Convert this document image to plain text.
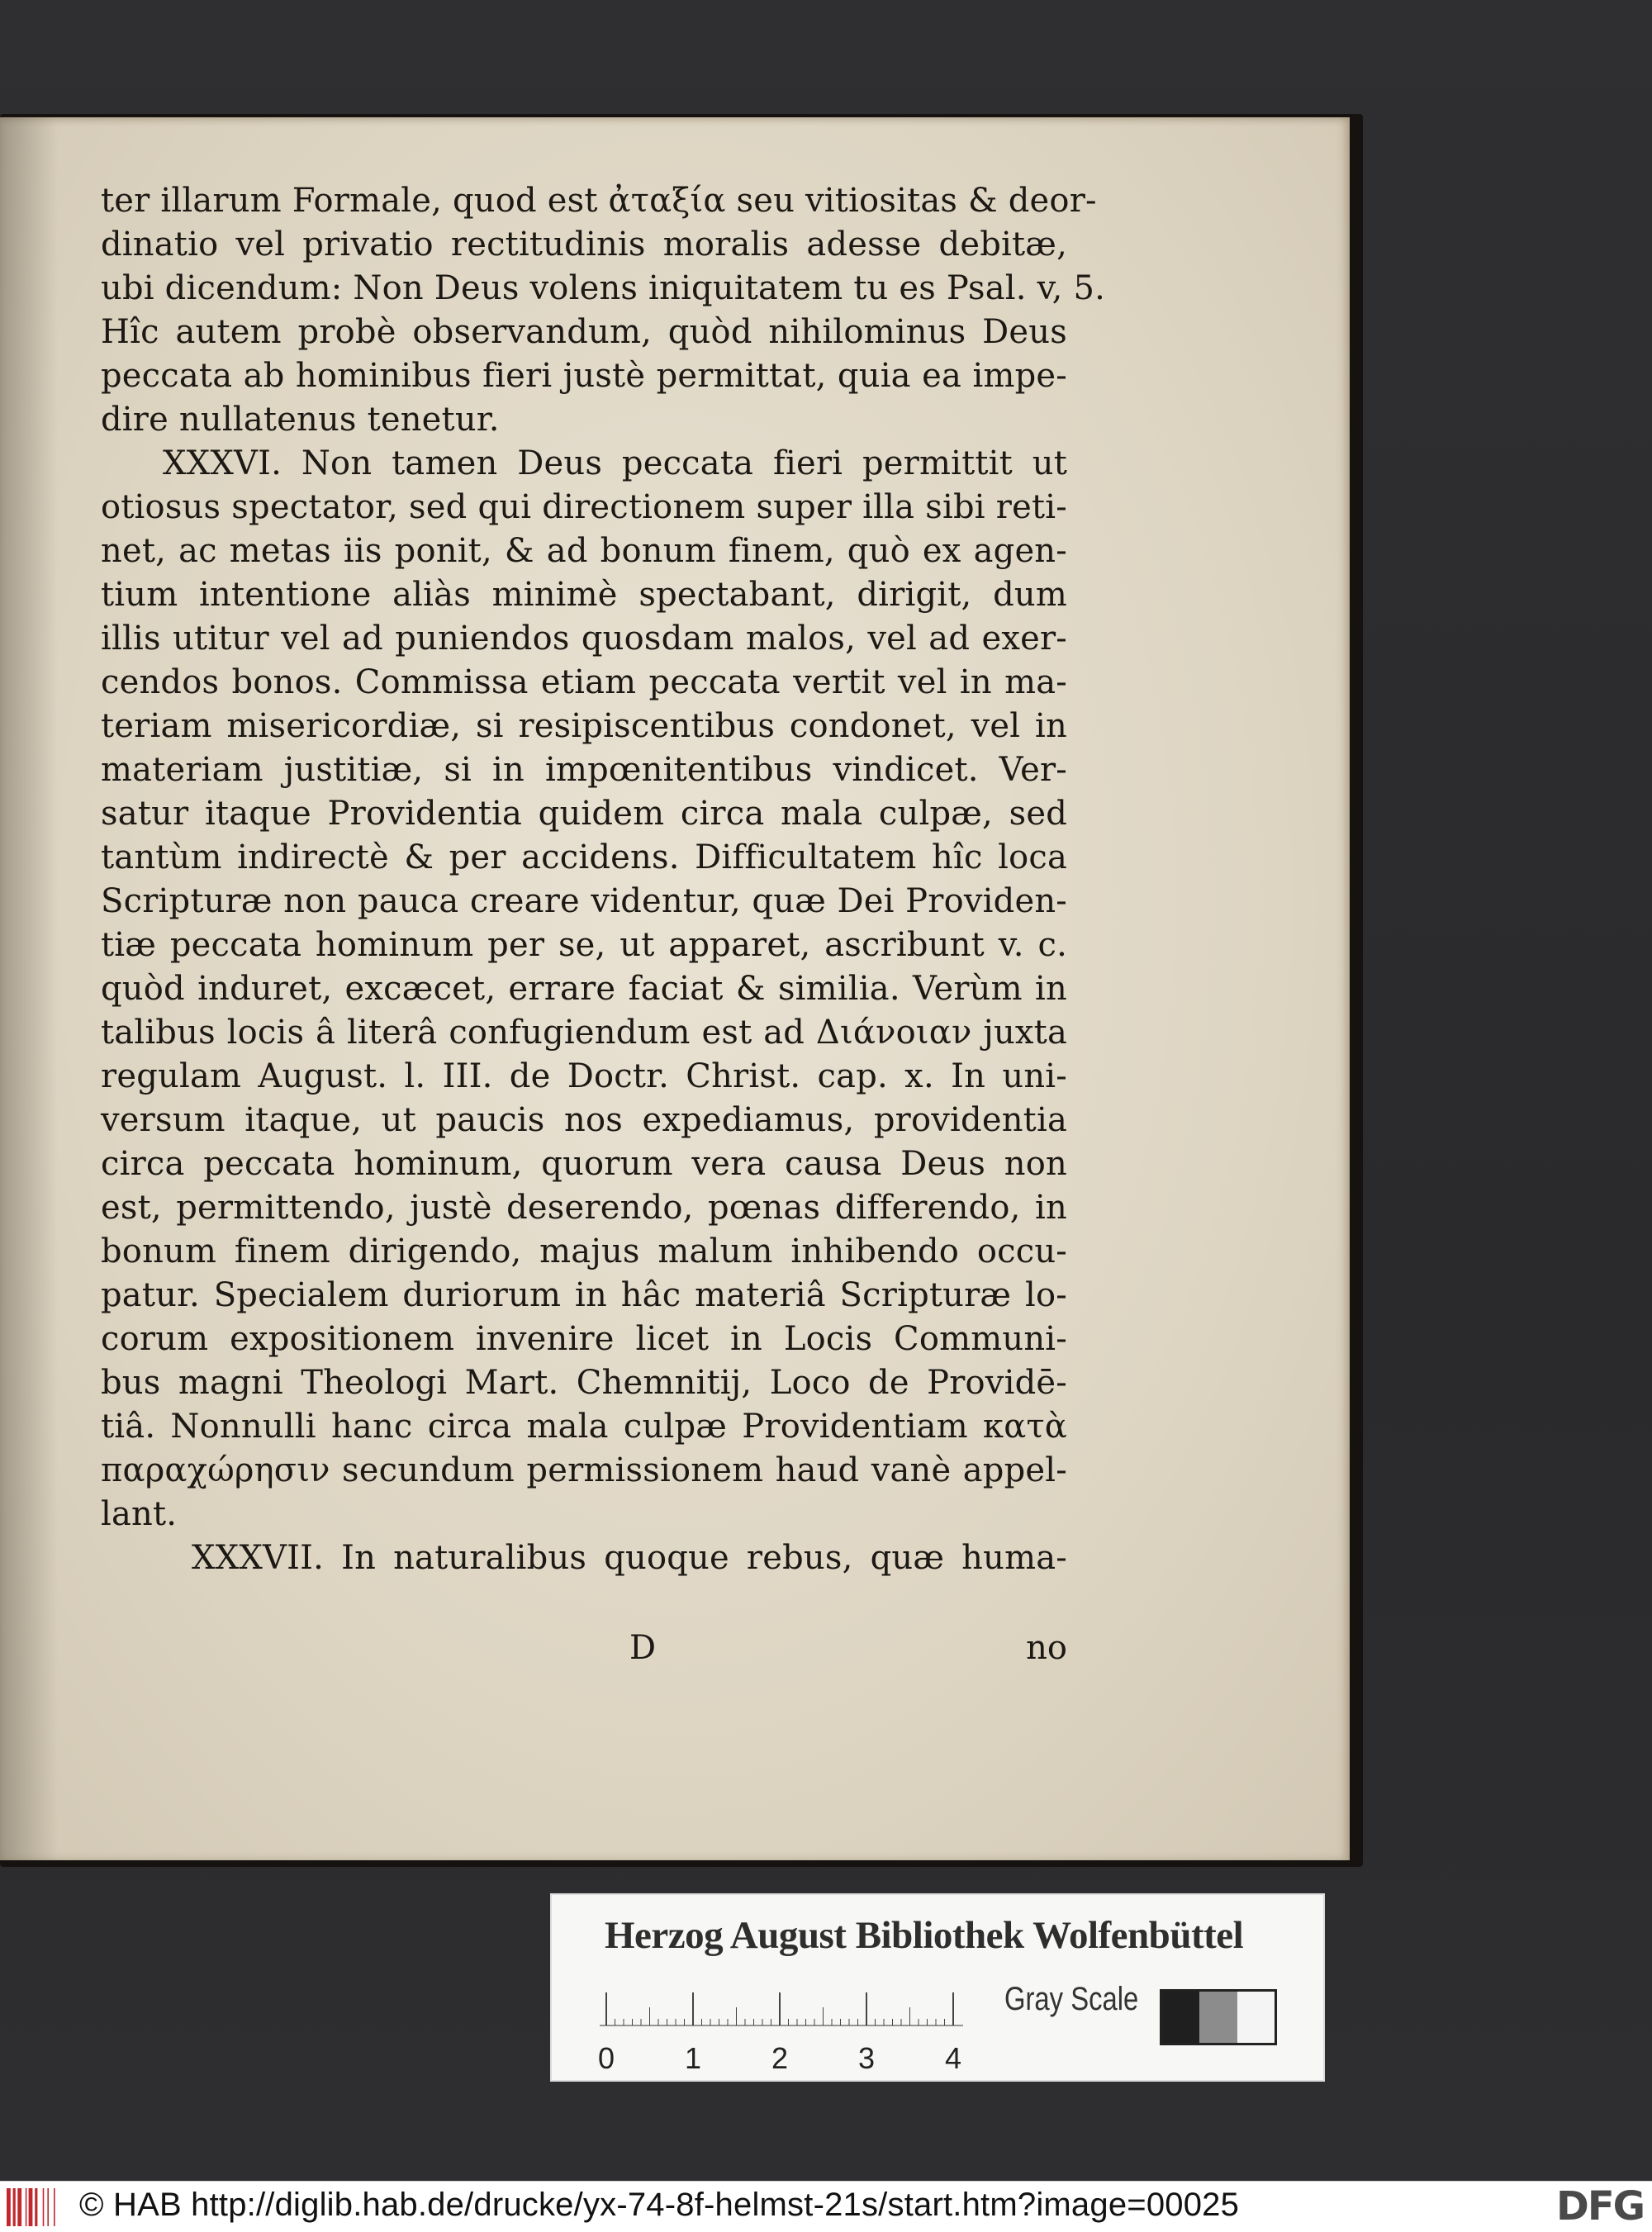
ter illarum Formale, quod est ἀταξία seu vitiositas & deor-
dinatio vel privatio rectitudinis moralis adesse debitæ,
ubi dicendum: Non Deus volens iniquitatem tu es Psal. v, 5.
Hîc autem probè observandum, quòd nihilominus Deus
peccata ab hominibus fieri justè permittat, quia ea impe-
dire nullatenus tenetur.
XXXVI. Non tamen Deus peccata fieri permittit ut
otiosus spectator, sed qui directionem super illa sibi reti-
net, ac metas iis ponit, & ad bonum finem, quò ex agen-
tium intentione aliàs minimè spectabant, dirigit, dum
illis utitur vel ad puniendos quosdam malos, vel ad exer-
cendos bonos. Commissa etiam peccata vertit vel in ma-
teriam misericordiæ, si resipiscentibus condonet, vel in
materiam justitiæ, si in impœnitentibus vindicet. Ver-
satur itaque Providentia quidem circa mala culpæ, sed
tantùm indirectè & per accidens. Difficultatem hîc loca
Scripturæ non pauca creare videntur, quæ Dei Providen-
tiæ peccata hominum per se, ut apparet, ascribunt v. c.
quòd induret, excæcet, errare faciat & similia. Verùm in
talibus locis â literâ confugiendum est ad Διάνοιαν juxta
regulam August. l. III. de Doctr. Christ. cap. x. In uni-
versum itaque, ut paucis nos expediamus, providentia
circa peccata hominum, quorum vera causa Deus non
est, permittendo, justè deserendo, pœnas differendo, in
bonum finem dirigendo, majus malum inhibendo occu-
patur. Specialem duriorum in hâc materiâ Scripturæ lo-
corum expositionem invenire licet in Locis Communi-
bus magni Theologi Mart. Chemnitij, Loco de Providē-
tiâ. Nonnulli hanc circa mala culpæ Providentiam κατὰ
παραχώρησιν secundum permissionem haud vanè appel-
lant.
XXXVII. In naturalibus quoque rebus, quæ huma-
D	no
Herzog August Bibliothek Wolfenbüttel
0 1 2 3 4
Gray Scale
© HAB http://diglib.hab.de/drucke/yx-74-8f-helmst-21s/start.htm?image=00025	DFG
